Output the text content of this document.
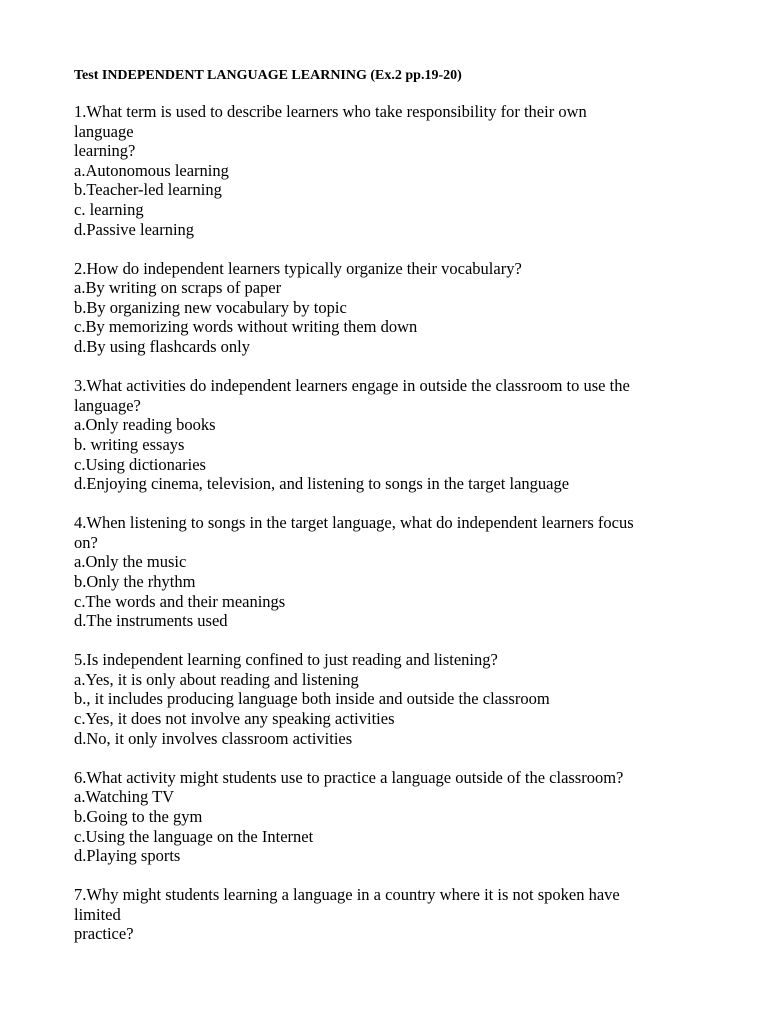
Test INDEPENDENT LANGUAGE LEARNING (Ex.2 pp.19-20)
1.What term is used to describe learners who take responsibility for their own
language
learning?
a.Autonomous learning
b.Teacher-led learning
c. learning
d.Passive learning
2.How do independent learners typically organize their vocabulary?
a.By writing on scraps of paper
b.By organizing new vocabulary by topic
c.By memorizing words without writing them down
d.By using flashcards only
3.What activities do independent learners engage in outside the classroom to use the
language?
a.Only reading books
b. writing essays
c.Using dictionaries
d.Enjoying cinema, television, and listening to songs in the target language
4.When listening to songs in the target language, what do independent learners focus
on?
a.Only the music
b.Only the rhythm
c.The words and their meanings
d.The instruments used
5.Is independent learning confined to just reading and listening?
a.Yes, it is only about reading and listening
b., it includes producing language both inside and outside the classroom
c.Yes, it does not involve any speaking activities
d.No, it only involves classroom activities
6.What activity might students use to practice a language outside of the classroom?
a.Watching TV
b.Going to the gym
c.Using the language on the Internet
d.Playing sports
7.Why might students learning a language in a country where it is not spoken have
limited
practice?
